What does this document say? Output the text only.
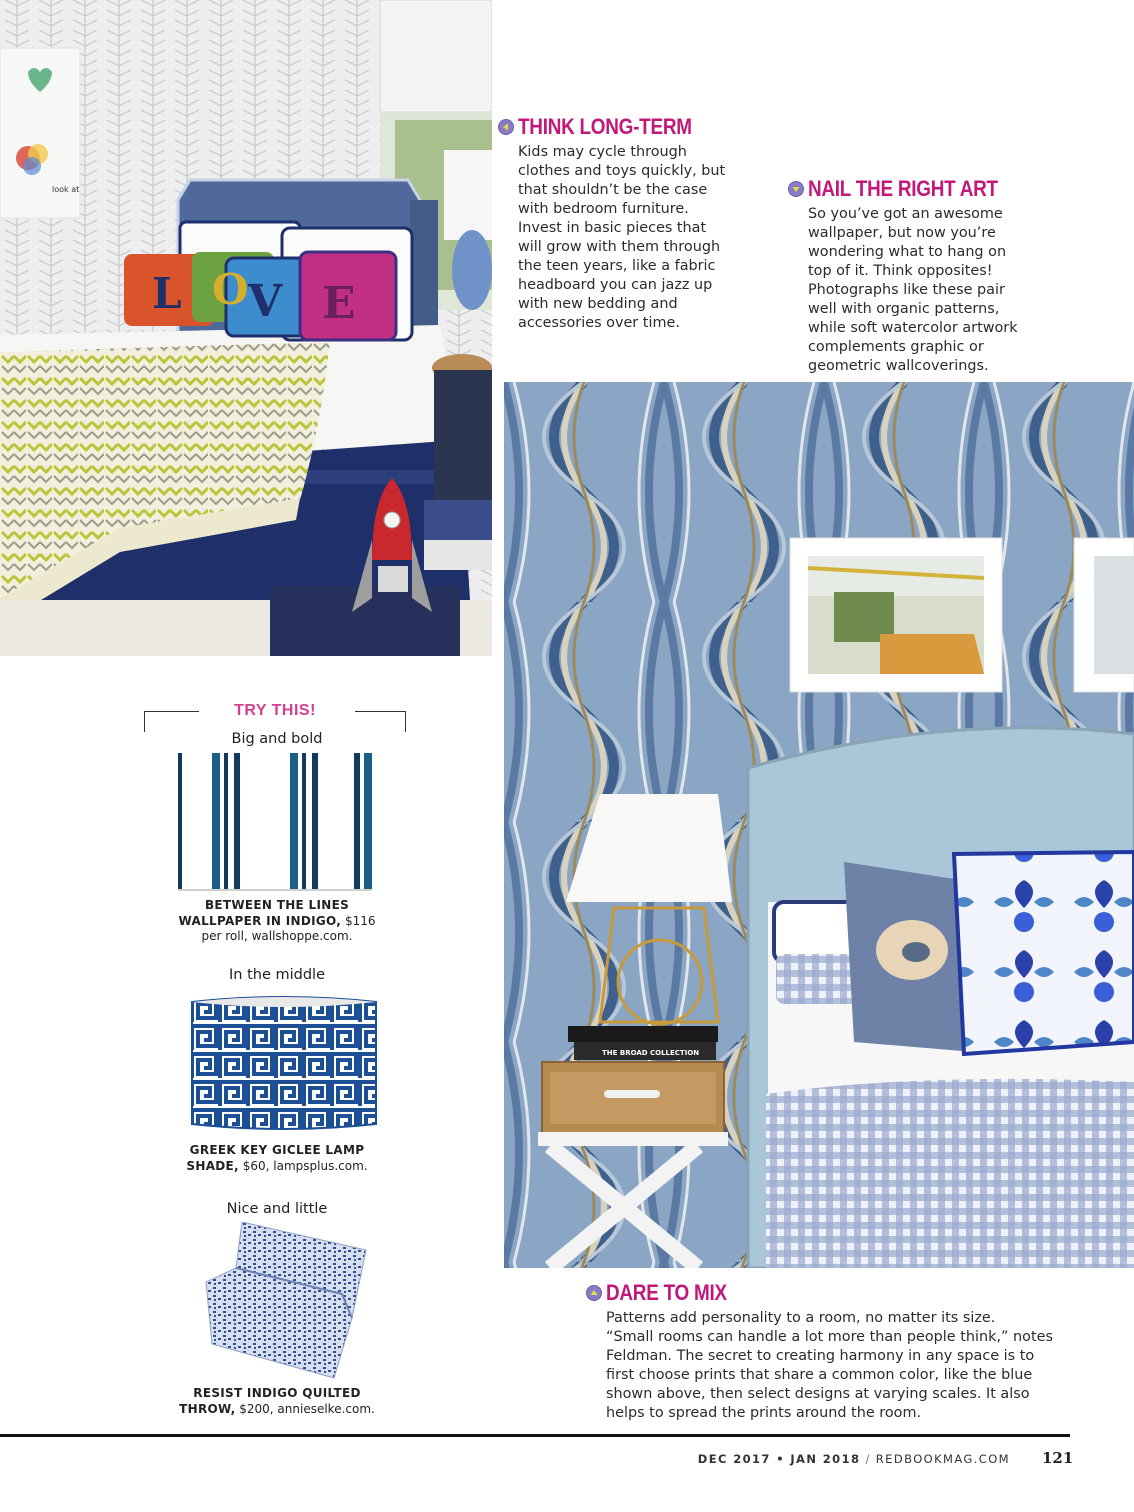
look at
L O V E
THINK LONG-TERM
Kids may cycle through
clothes and toys quickly, but
that shouldn’t be the case
with bedroom furniture.
Invest in basic pieces that
will grow with them through
the teen years, like a fabric
headboard you can jazz up
with new bedding and
accessories over time.
NAIL THE RIGHT ART
So you’ve got an awesome
wallpaper, but now you’re
wondering what to hang on
top of it. Think opposites!
Photographs like these pair
well with organic patterns,
while soft watercolor artwork
complements graphic or
geometric wallcoverings.
THE BROAD COLLECTION
DARE TO MIX
Patterns add personality to a room, no matter its size.
“Small rooms can handle a lot more than people think,” notes
Feldman. The secret to creating harmony in any space is to
first choose prints that share a common color, like the blue
shown above, then select designs at varying scales. It also
helps to spread the prints around the room.
TRY THIS!
Big and bold
BETWEEN THE LINES
WALLPAPER IN INDIGO, $116
per roll, wallshoppe.com.
In the middle
GREEK KEY GICLEE LAMP
SHADE, $60, lampsplus.com.
Nice and little
RESIST INDIGO QUILTED
THROW, $200, annieselke.com.
DEC 2017 • JAN 2018 / REDBOOKMAG.COM 121
